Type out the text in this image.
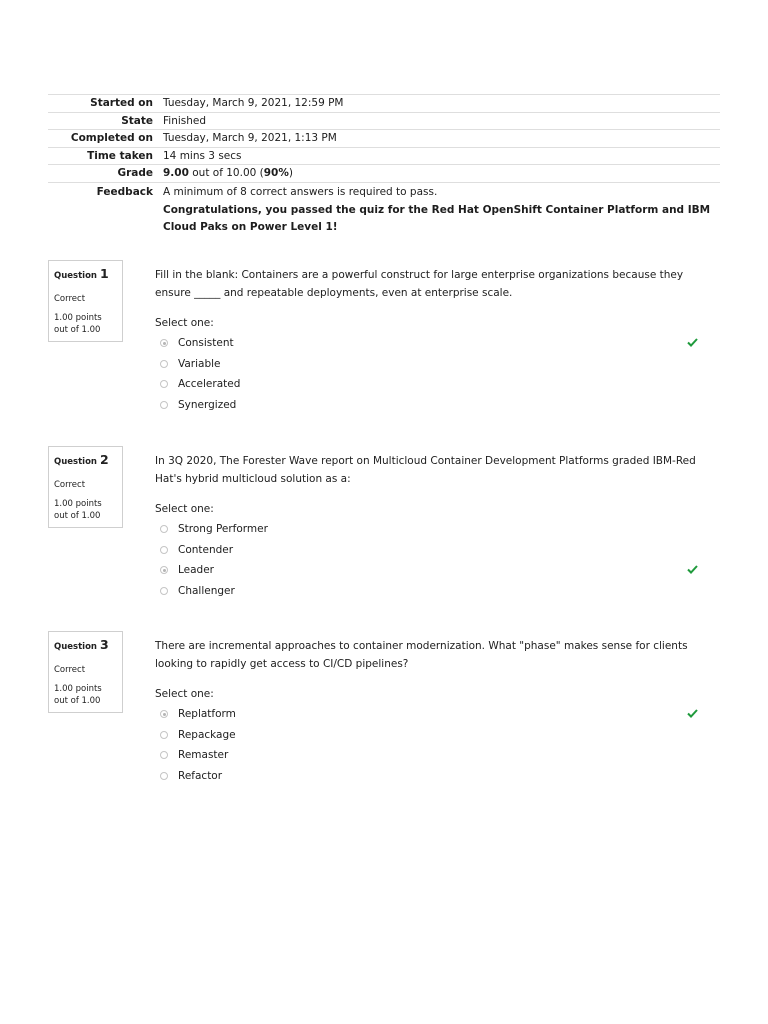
Started on	Tuesday, March 9, 2021, 12:59 PM
State	Finished
Completed on	Tuesday, March 9, 2021, 1:13 PM
Time taken	14 mins 3 secs
Grade	9.00 out of 10.00 (90%)
Feedback	A minimum of 8 correct answers is required to pass.
Congratulations, you passed the quiz for the Red Hat OpenShift Container Platform and IBM Cloud Paks on Power Level 1!
Question 1
Correct
1.00 points out of 1.00
Fill in the blank: Containers are a powerful construct for large enterprise organizations because they ensure _____ and repeatable deployments, even at enterprise scale.
Select one:
Consistent
Variable
Accelerated
Synergized
Question 2
Correct
1.00 points out of 1.00
In 3Q 2020, The Forester Wave report on Multicloud Container Development Platforms graded IBM-Red Hat's hybrid multicloud solution as a:
Select one:
Strong Performer
Contender
Leader
Challenger
Question 3
Correct
1.00 points out of 1.00
There are incremental approaches to container modernization. What "phase" makes sense for clients looking to rapidly get access to CI/CD pipelines?
Select one:
Replatform
Repackage
Remaster
Refactor
